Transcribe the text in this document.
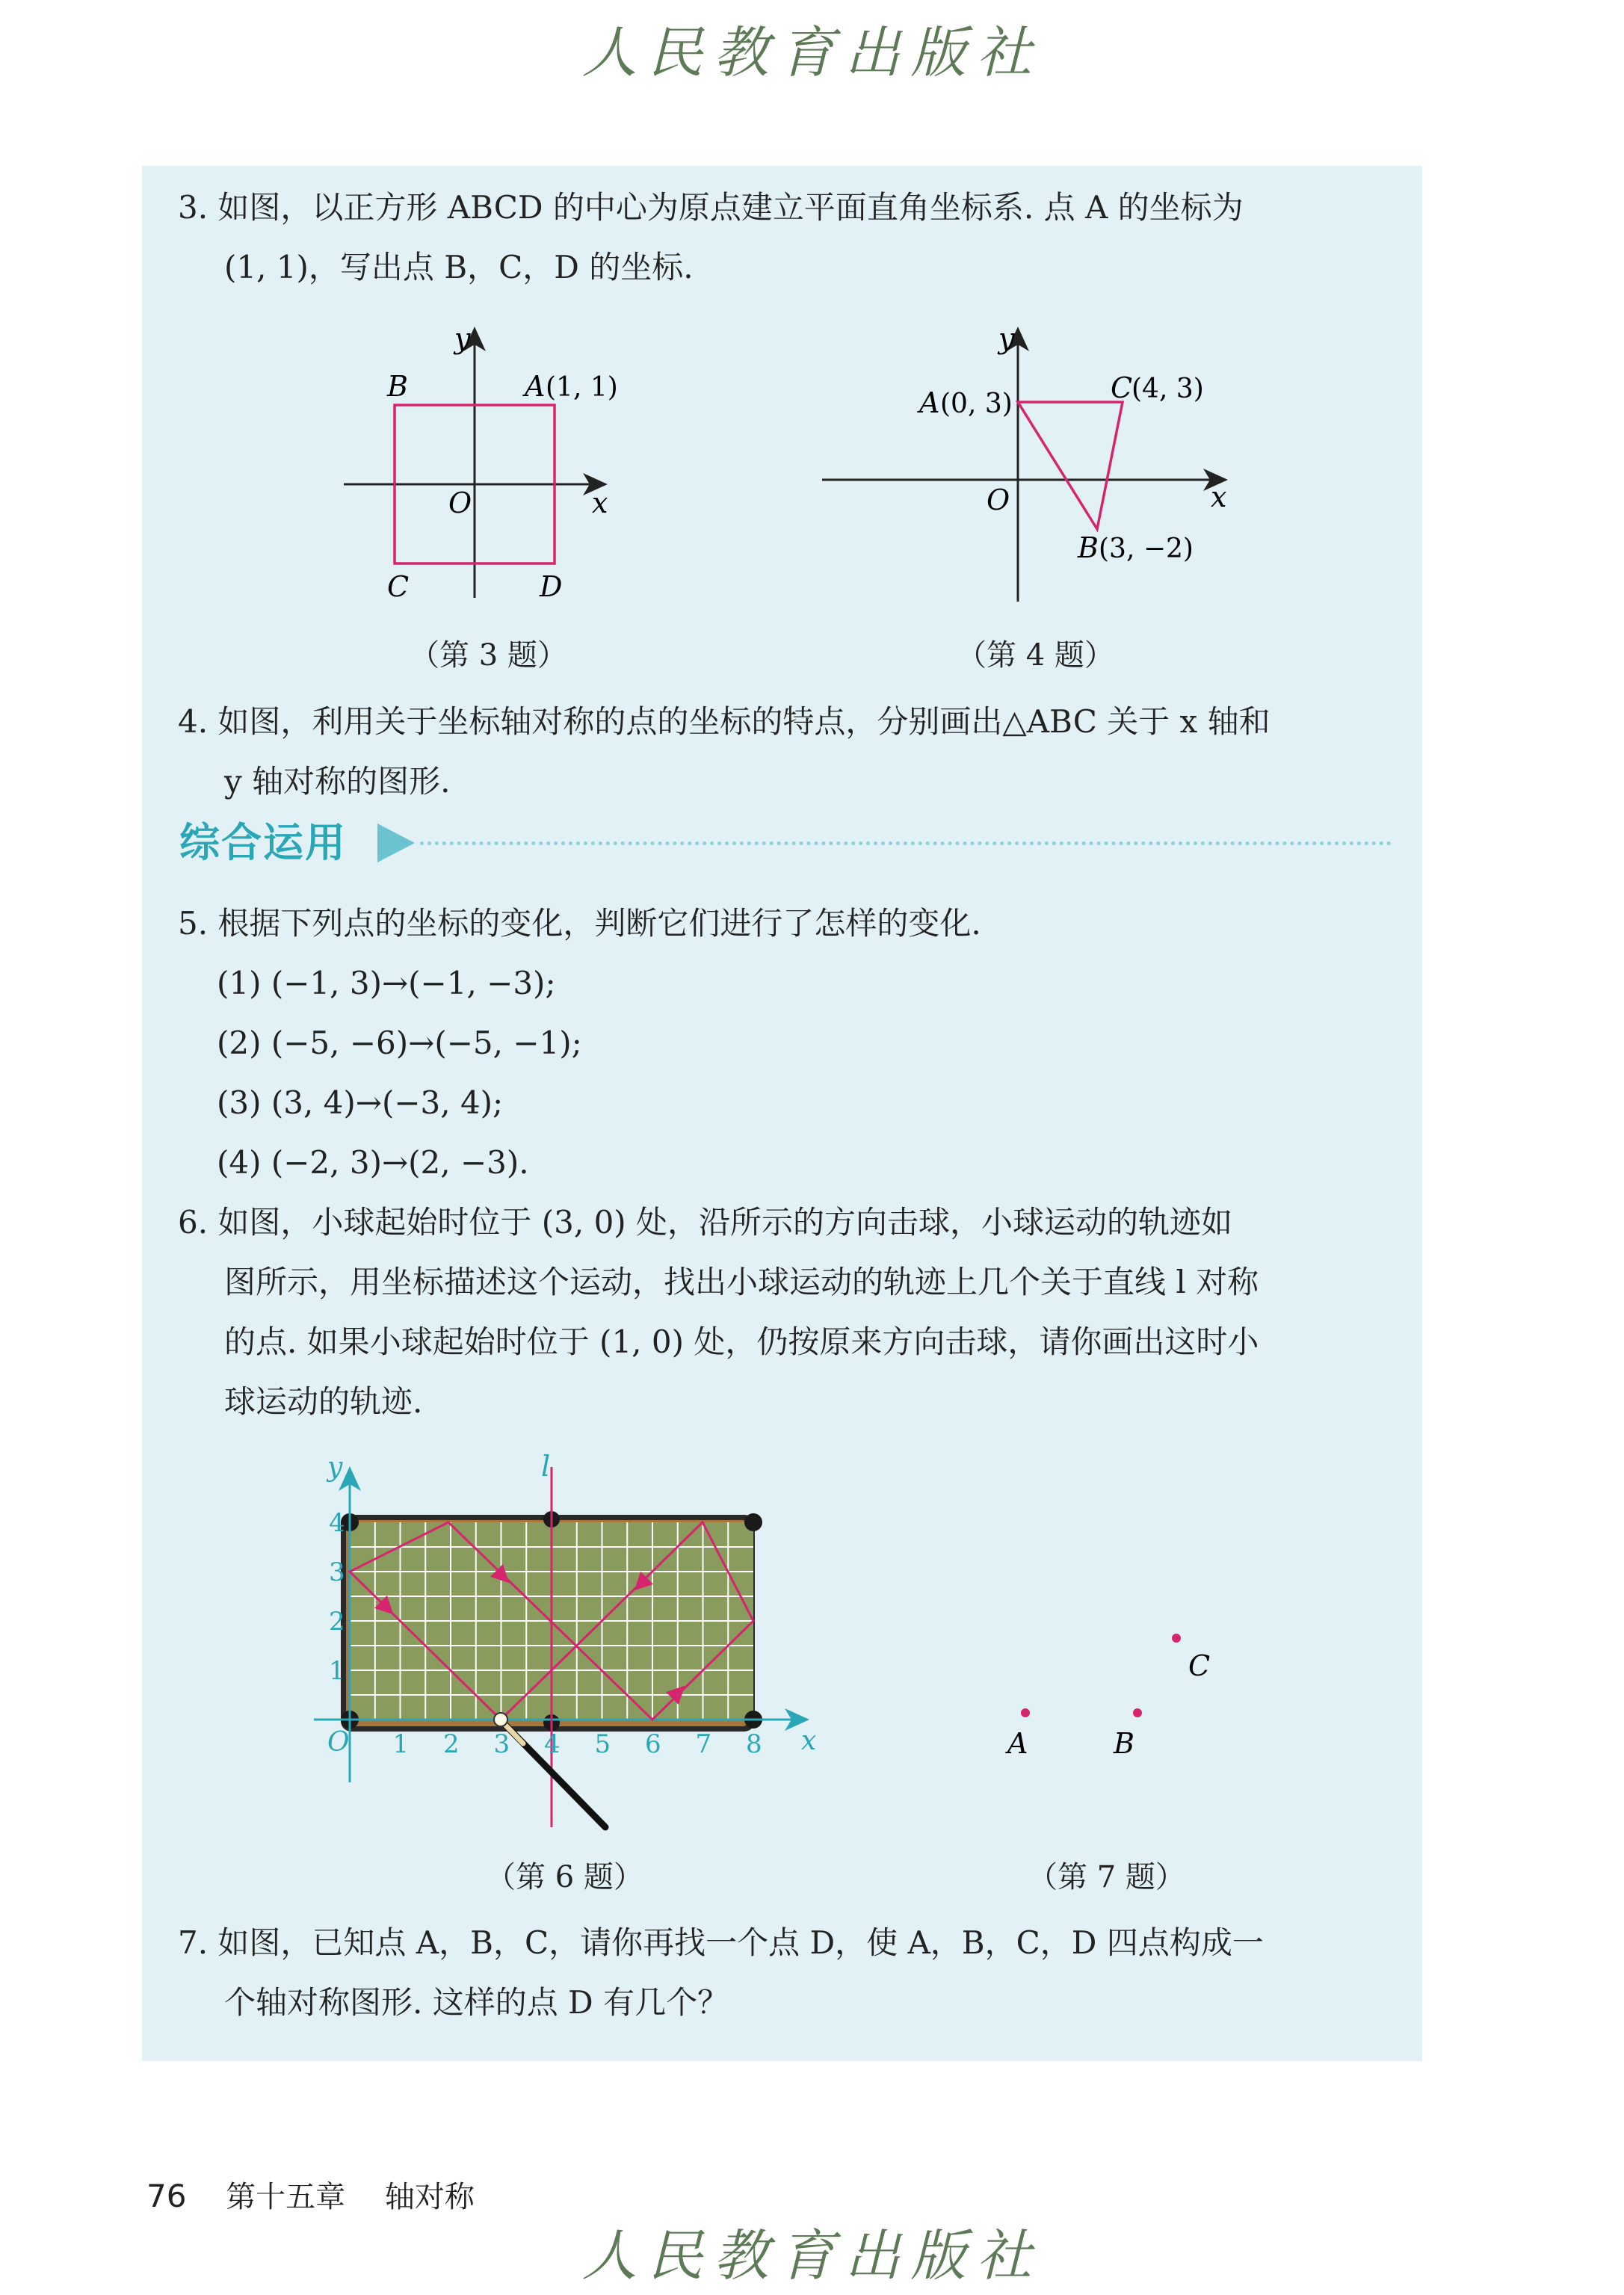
人民教育出版社
3. 如图，以正方形 ABCD 的中心为原点建立平面直角坐标系. 点 A 的坐标为
(1, 1)，写出点 B，C，D 的坐标.
y
x
O
B	A (1, 1)
C	D
（第 3 题）
y
x
O
A (0, 3)	C
(4, 3)
B (3, −2)
（第 4 题）
4. 如图，利用关于坐标轴对称的点的坐标的特点，分别画出△ABC 关于 x 轴和
y 轴对称的图形.
综合运用
5. 根据下列点的坐标的变化，判断它们进行了怎样的变化.
(1) (−1, 3)→(−1, −3);
(2) (−5, −6)→(−5, −1);
(3) (3, 4)→(−3, 4);
(4) (−2, 3)→(2, −3).
6. 如图，小球起始时位于 (3, 0) 处，沿所示的方向击球，小球运动的轨迹如
图所示，用坐标描述这个运动，找出小球运动的轨迹上几个关于直线 l 对称
的点. 如果小球起始时位于 (1, 0) 处，仍按原来方向击球，请你画出这时小
球运动的轨迹.
y
x
O
l
1
2
3
4
1 2 3 4 5 6 7 8
（第 6 题）
A	B
C
（第 7 题）
7. 如图，已知点 A，B，C，请你再找一个点 D，使 A，B，C，D 四点构成一
个轴对称图形. 这样的点 D 有几个？
76 第十五章 轴对称
人民教育出版社
